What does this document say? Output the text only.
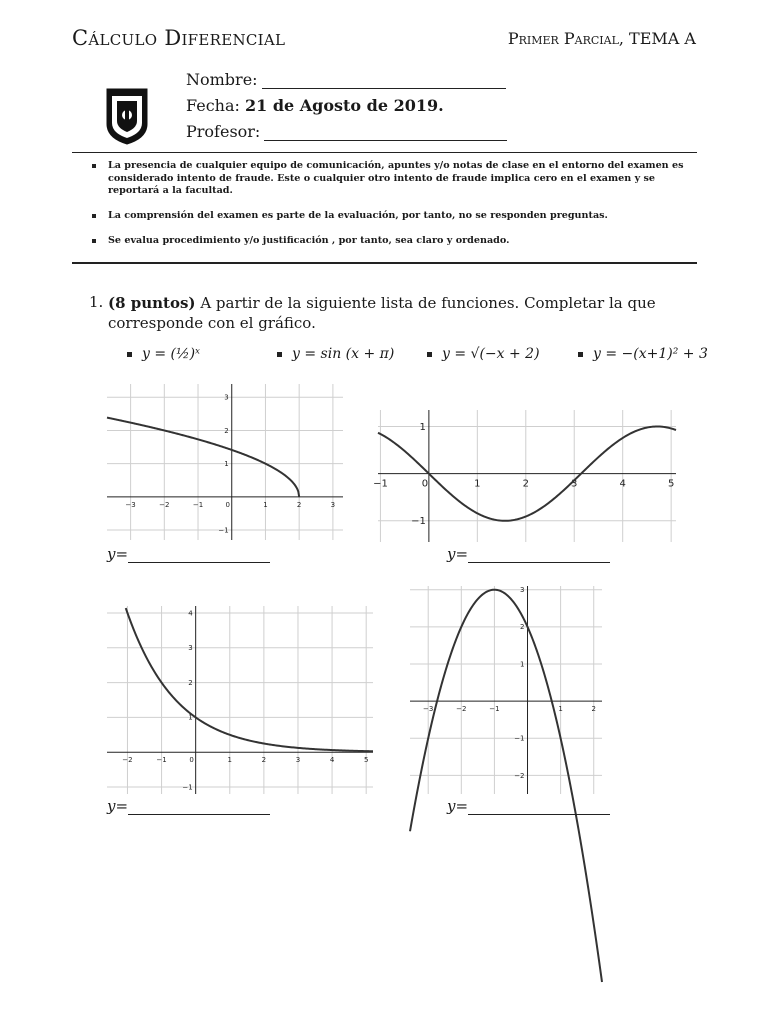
Cálculo Diferencial	Primer Parcial, TEMA A
Nombre:
Fecha: 21 de Agosto de 2019.
Profesor:
La presencia de cualquier equipo de comunicación, apuntes y/o notas de clase en el entorno del examen es considerado intento de fraude. Este o cualquier otro intento de fraude implica cero en el examen y se reportará a la facultad.
La comprensión del examen es parte de la evaluación, por tanto, no se responden preguntas.
Se evalua procedimiento y/o justificación , por tanto, sea claro y ordenado.
1. (8 puntos) A partir de la siguiente lista de funciones. Completar la que corresponde con el gráfico.
y = (½)ˣ	y = sin (x + π)	y = √(−x + 2)	y = −(x+1)² + 3
−3	−2	−1	0	1	2	3
3
2
1
−1
−1	0	1	2	3	4	5
1
−1
−2	−1	0	1	2	3	4	5
4
3
2
1
−1
−3	−2	−1	1	2
3
2
1
−1
−2
y=	y=
y=	y=
